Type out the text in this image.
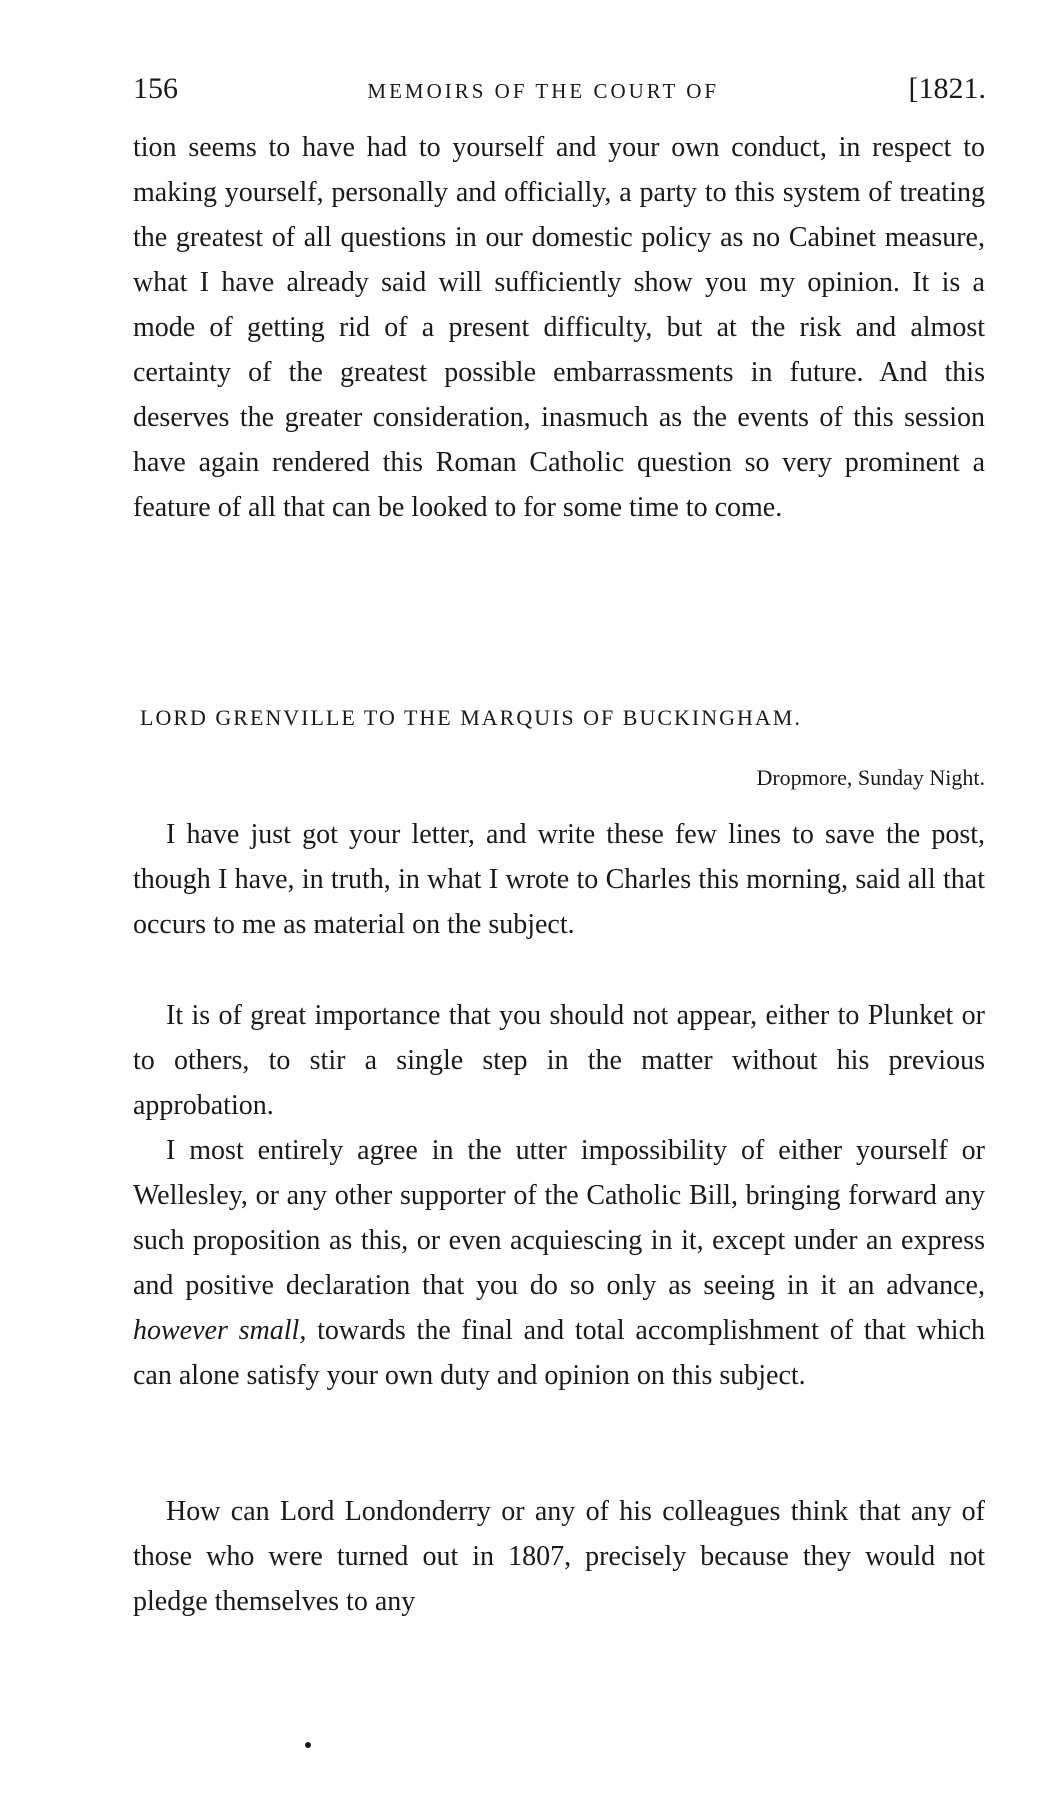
156	MEMOIRS OF THE COURT OF	[1821.

tion seems to have had to yourself and your own conduct, in respect to making yourself, personally and officially, a party to this system of treating the greatest of all questions in our domestic policy as no Cabinet measure, what I have already said will sufficiently show you my opinion. It is a mode of getting rid of a present difficulty, but at the risk and almost certainty of the greatest possible embarrassments in future. And this deserves the greater consideration, inasmuch as the events of this session have again rendered this Roman Catholic question so very prominent a feature of all that can be looked to for some time to come.

LORD GRENVILLE TO THE MARQUIS OF BUCKINGHAM.
Dropmore, Sunday Night.

I have just got your letter, and write these few lines to save the post, though I have, in truth, in what I wrote to Charles this morning, said all that occurs to me as material on the subject.

It is of great importance that you should not appear, either to Plunket or to others, to stir a single step in the matter without his previous approbation.

I most entirely agree in the utter impossibility of either yourself or Wellesley, or any other supporter of the Catholic Bill, bringing forward any such proposition as this, or even acquiescing in it, except under an express and positive declaration that you do so only as seeing in it an advance, however small, towards the final and total accomplishment of that which can alone satisfy your own duty and opinion on this subject.

How can Lord Londonderry or any of his colleagues think that any of those who were turned out in 1807, precisely because they would not pledge themselves to any
